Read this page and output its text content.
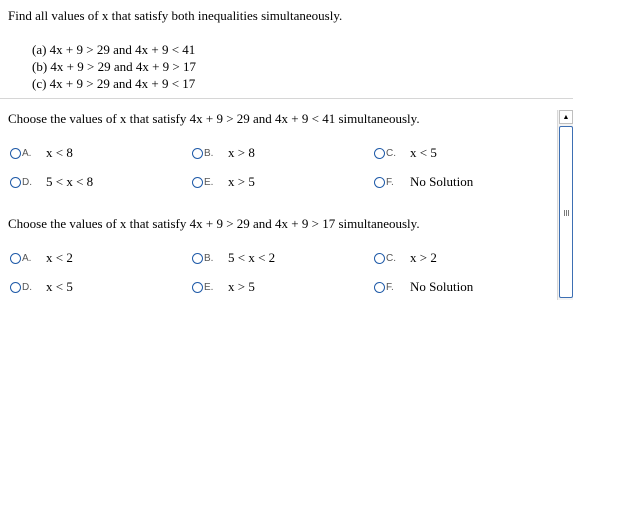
Find all values of x that satisfy both inequalities simultaneously.
(a) 4x + 9 > 29 and 4x + 9 < 41
(b) 4x + 9 > 29 and 4x + 9 > 17
(c) 4x + 9 > 29 and 4x + 9 < 17
Choose the values of x that satisfy 4x + 9 > 29 and 4x + 9 < 41 simultaneously.
A.	x < 8	B.	x > 8	C.	x < 5
D.	5 < x < 8	E.	x > 5	F.	No Solution
Choose the values of x that satisfy 4x + 9 > 29 and 4x + 9 > 17 simultaneously.
A.	x < 2	B.	5 < x < 2	C.	x > 2
D.	x < 5	E.	x > 5	F.	No Solution
▲
